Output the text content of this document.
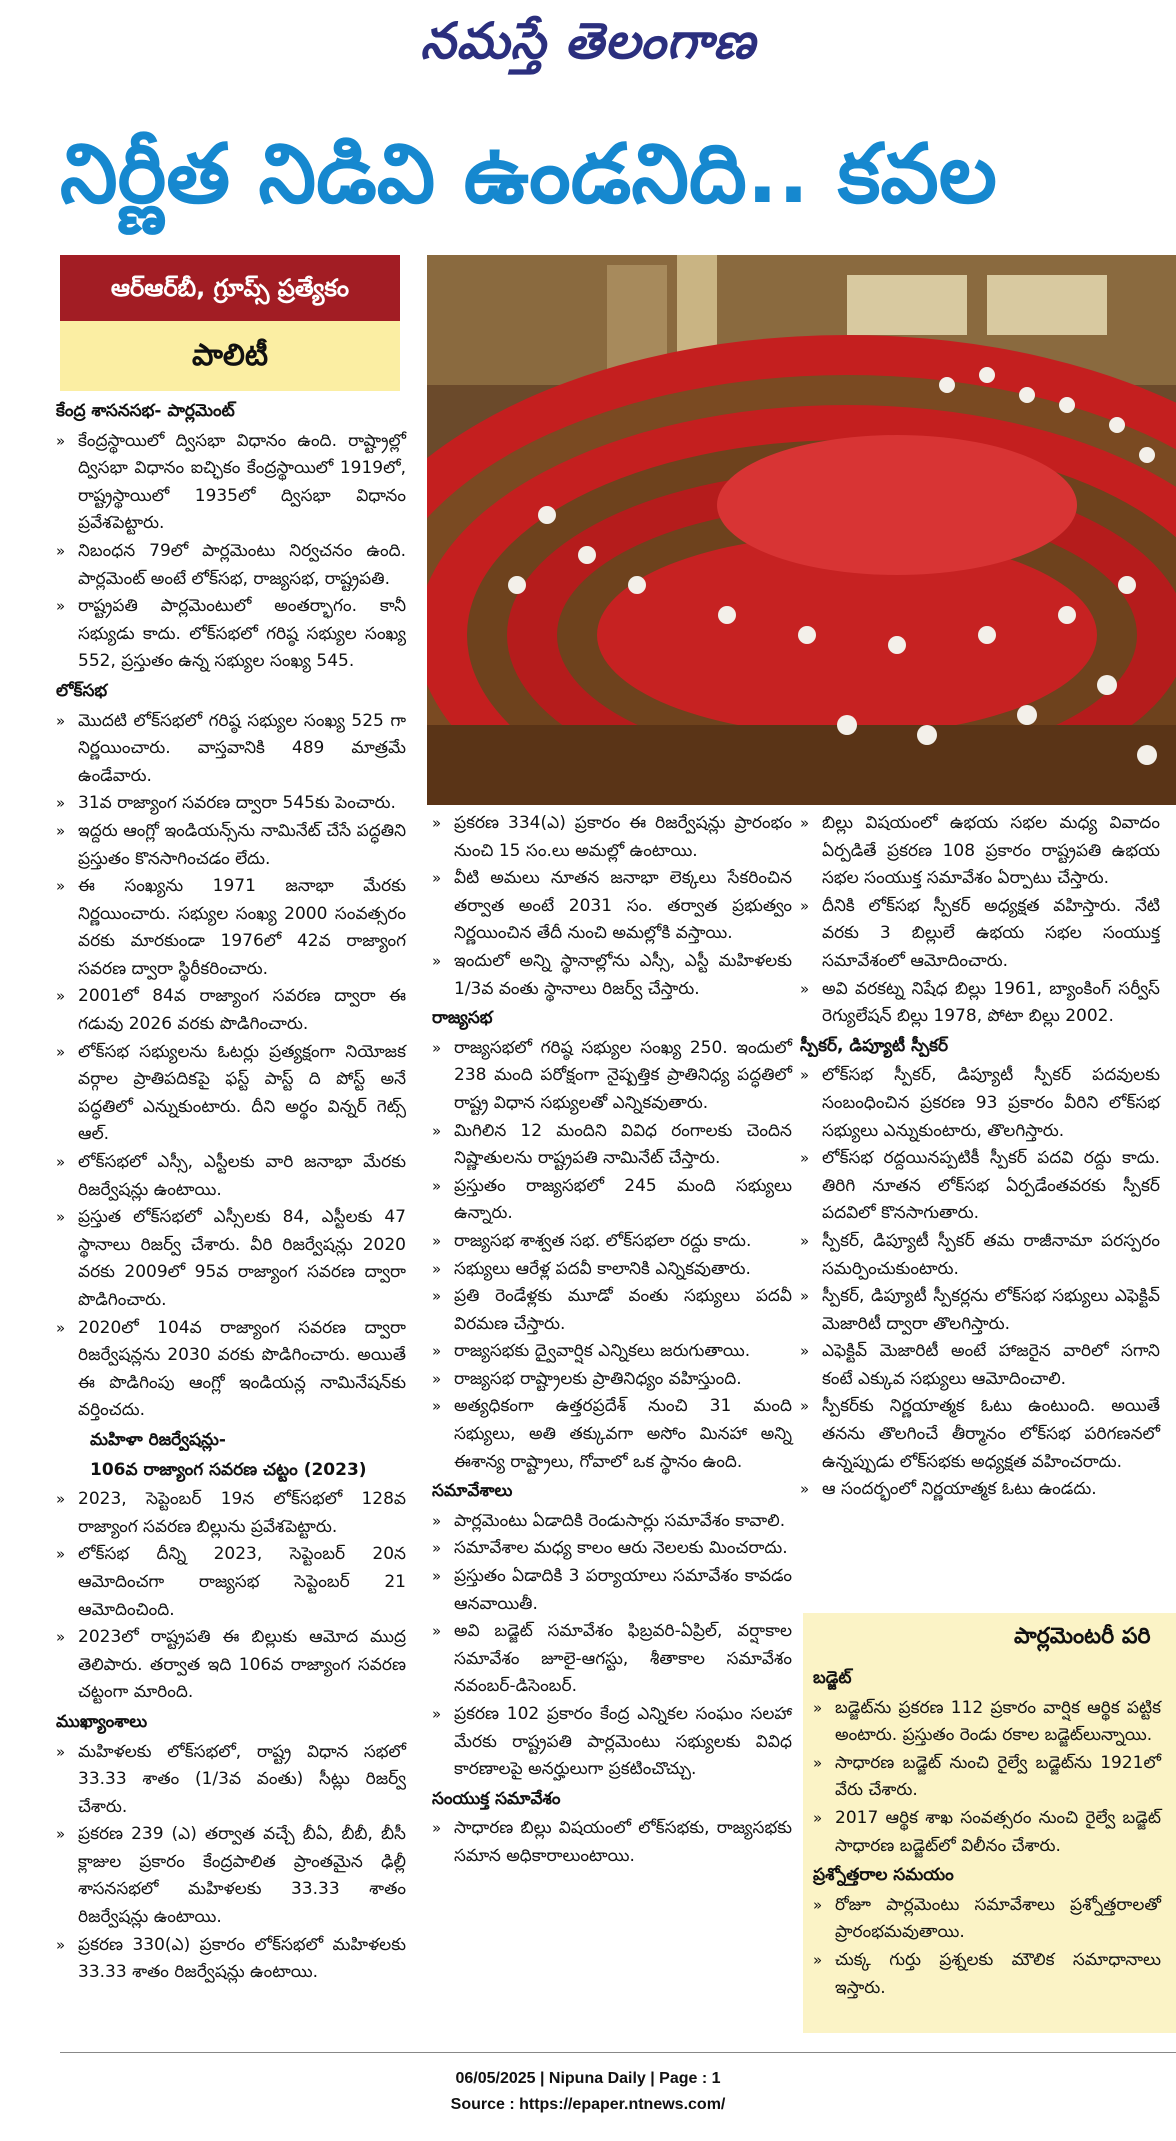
నమస్తే తెలంగాణ
నిర్ణీత నిడివి ఉండనిది.. కవల
ఆర్ఆర్‌బీ, గ్రూప్స్ ప్రత్యేకం
పాలిటీ
కేంద్ర శాసనసభ- పార్లమెంట్
» కేంద్రస్థాయిలో ద్విసభా విధానం ఉంది. రాష్ట్రాల్లో ద్విసభా విధానం ఐచ్ఛికం కేంద్రస్థాయిలో 1919లో, రాష్ట్రస్థాయిలో 1935లో ద్విసభా విధానం ప్రవేశపెట్టారు.
» నిబంధన 79లో పార్లమెంటు నిర్వచనం ఉంది. పార్లమెంట్ అంటే లోక్‌సభ, రాజ్యసభ, రాష్ట్రపతి.
» రాష్ట్రపతి పార్లమెంటులో అంతర్భాగం. కానీ సభ్యుడు కాదు. లోక్‌సభలో గరిష్ఠ సభ్యుల సంఖ్య 552, ప్రస్తుతం ఉన్న సభ్యుల సంఖ్య 545.
లోక్‌సభ
» మొదటి లోక్‌సభలో గరిష్ఠ సభ్యుల సంఖ్య 525 గా నిర్ణయించారు. వాస్తవానికి 489 మాత్రమే ఉండేవారు.
» 31వ రాజ్యాంగ సవరణ ద్వారా 545కు పెంచారు.
» ఇద్దరు ఆంగ్లో ఇండియన్స్‌ను నామినేట్ చేసే పద్ధతిని ప్రస్తుతం కొనసాగించడం లేదు.
» ఈ సంఖ్యను 1971 జనాభా మేరకు నిర్ణయించారు. సభ్యుల సంఖ్య 2000 సంవత్సరం వరకు మారకుండా 1976లో 42వ రాజ్యాంగ సవరణ ద్వారా స్థిరీకరించారు.
» 2001లో 84వ రాజ్యాంగ సవరణ ద్వారా ఈ గడువు 2026 వరకు పొడిగించారు.
» లోక్‌సభ సభ్యులను ఓటర్లు ప్రత్యక్షంగా నియోజక వర్గాల ప్రాతిపదికపై ఫస్ట్ పాస్ట్ ది పోస్ట్ అనే పద్ధతిలో ఎన్నుకుంటారు. దీని అర్థం విన్నర్ గెట్స్ ఆల్.
» లోక్‌సభలో ఎస్సీ, ఎస్టీలకు వారి జనాభా మేరకు రిజర్వేషన్లు ఉంటాయి.
» ప్రస్తుత లోక్‌సభలో ఎస్సీలకు 84, ఎస్టీలకు 47 స్థానాలు రిజర్వ్ చేశారు. వీరి రిజర్వేషన్లు 2020 వరకు 2009లో 95వ రాజ్యాంగ సవరణ ద్వారా పొడిగించారు.
» 2020లో 104వ రాజ్యాంగ సవరణ ద్వారా రిజర్వేషన్లను 2030 వరకు పొడిగించారు. అయితే ఈ పొడిగింపు ఆంగ్లో ఇండియన్ల నామినేషన్‌కు వర్తించదు.
మహిళా రిజర్వేషన్లు-
106వ రాజ్యాంగ సవరణ చట్టం (2023)
» 2023, సెప్టెంబర్ 19న లోక్‌సభలో 128వ రాజ్యాంగ సవరణ బిల్లును ప్రవేశపెట్టారు.
» లోక్‌సభ దీన్ని 2023, సెప్టెంబర్ 20న ఆమోదించగా రాజ్యసభ సెప్టెంబర్ 21 ఆమోదించింది.
» 2023లో రాష్ట్రపతి ఈ బిల్లుకు ఆమోద ముద్ర తెలిపారు. తర్వాత ఇది 106వ రాజ్యాంగ సవరణ చట్టంగా మారింది.
ముఖ్యాంశాలు
» మహిళలకు లోక్‌సభలో, రాష్ట్ర విధాన సభలో 33.33 శాతం (1/3వ వంతు) సీట్లు రిజర్వ్ చేశారు.
» ప్రకరణ 239 (ఎ) తర్వాత వచ్చే బీఏ, బీబీ, బీసీ క్లాజుల ప్రకారం కేంద్రపాలిత ప్రాంతమైన ఢిల్లీ శాసనసభలో మహిళలకు 33.33 శాతం రిజర్వేషన్లు ఉంటాయి.
» ప్రకరణ 330(ఎ) ప్రకారం లోక్‌సభలో మహిళలకు 33.33 శాతం రిజర్వేషన్లు ఉంటాయి.
» ప్రకరణ 334(ఎ) ప్రకారం ఈ రిజర్వేషన్లు ప్రారంభం నుంచి 15 సం.లు అమల్లో ఉంటాయి.
» వీటి అమలు నూతన జనాభా లెక్కలు సేకరించిన తర్వాత అంటే 2031 సం. తర్వాత ప్రభుత్వం నిర్ణయించిన తేదీ నుంచి అమల్లోకి వస్తాయి.
» ఇందులో అన్ని స్థానాల్లోను ఎస్సీ, ఎస్టీ మహిళలకు 1/3వ వంతు స్థానాలు రిజర్వ్ చేస్తారు.
రాజ్యసభ
» రాజ్యసభలో గరిష్ఠ సభ్యుల సంఖ్య 250. ఇందులో 238 మంది పరోక్షంగా నైష్పత్తిక ప్రాతినిధ్య పద్ధతిలో రాష్ట్ర విధాన సభ్యులతో ఎన్నికవుతారు.
» మిగిలిన 12 మందిని వివిధ రంగాలకు చెందిన నిష్ణాతులను రాష్ట్రపతి నామినేట్ చేస్తారు.
» ప్రస్తుతం రాజ్యసభలో 245 మంది సభ్యులు ఉన్నారు.
» రాజ్యసభ శాశ్వత సభ. లోక్‌సభలా రద్దు కాదు.
» సభ్యులు ఆరేళ్ల పదవీ కాలానికి ఎన్నికవుతారు.
» ప్రతి రెండేళ్లకు మూడో వంతు సభ్యులు పదవీ విరమణ చేస్తారు.
» రాజ్యసభకు ద్వైవార్షిక ఎన్నికలు జరుగుతాయి.
» రాజ్యసభ రాష్ట్రాలకు ప్రాతినిధ్యం వహిస్తుంది.
» అత్యధికంగా ఉత్తరప్రదేశ్ నుంచి 31 మంది సభ్యులు, అతి తక్కువగా అసోం మినహా అన్ని ఈశాన్య రాష్ట్రాలు, గోవాలో ఒక స్థానం ఉంది.
సమావేశాలు
» పార్లమెంటు ఏడాదికి రెండుసార్లు సమావేశం కావాలి.
» సమావేశాల మధ్య కాలం ఆరు నెలలకు మించరాదు.
» ప్రస్తుతం ఏడాదికి 3 పర్యాయాలు సమావేశం కావడం ఆనవాయితీ.
» అవి బడ్జెట్ సమావేశం ఫిబ్రవరి-ఏప్రిల్, వర్షాకాల సమావేశం జూలై-ఆగస్టు, శీతాకాల సమావేశం నవంబర్-డిసెంబర్.
» ప్రకరణ 102 ప్రకారం కేంద్ర ఎన్నికల సంఘం సలహా మేరకు రాష్ట్రపతి పార్లమెంటు సభ్యులకు వివిధ కారణాలపై అనర్హులుగా ప్రకటించొచ్చు.
సంయుక్త సమావేశం
» సాధారణ బిల్లు విషయంలో లోక్‌సభకు, రాజ్యసభకు సమాన అధికారాలుంటాయి.
» బిల్లు విషయంలో ఉభయ సభల మధ్య వివాదం ఏర్పడితే ప్రకరణ 108 ప్రకారం రాష్ట్రపతి ఉభయ సభల సంయుక్త సమావేశం ఏర్పాటు చేస్తారు.
» దీనికి లోక్‌సభ స్పీకర్ అధ్యక్షత వహిస్తారు. నేటి వరకు 3 బిల్లులే ఉభయ సభల సంయుక్త సమావేశంలో ఆమోదించారు.
» అవి వరకట్న నిషేధ బిల్లు 1961, బ్యాంకింగ్ సర్వీస్ రెగ్యులేషన్ బిల్లు 1978, పోటా బిల్లు 2002.
స్పీకర్, డిప్యూటీ స్పీకర్
» లోక్‌సభ స్పీకర్, డిప్యూటీ స్పీకర్ పదవులకు సంబంధించిన ప్రకరణ 93 ప్రకారం వీరిని లోక్‌సభ సభ్యులు ఎన్నుకుంటారు, తొలగిస్తారు.
» లోక్‌సభ రద్దయినప్పటికీ స్పీకర్ పదవి రద్దు కాదు. తిరిగి నూతన లోక్‌సభ ఏర్పడేంతవరకు స్పీకర్ పదవిలో కొనసాగుతారు.
» స్పీకర్, డిప్యూటీ స్పీకర్ తమ రాజీనామా పరస్పరం సమర్పించుకుంటారు.
» స్పీకర్, డిప్యూటీ స్పీకర్లను లోక్‌సభ సభ్యులు ఎఫెక్టివ్ మెజారిటీ ద్వారా తొలగిస్తారు.
» ఎఫెక్టివ్ మెజారిటీ అంటే హాజరైన వారిలో సగాని కంటే ఎక్కువ సభ్యులు ఆమోదించాలి.
» స్పీకర్‌కు నిర్ణయాత్మక ఓటు ఉంటుంది. అయితే తనను తొలగించే తీర్మానం లోక్‌సభ పరిగణనలో ఉన్నప్పుడు లోక్‌సభకు అధ్యక్షత వహించరాదు.
» ఆ సందర్భంలో నిర్ణయాత్మక ఓటు ఉండదు.
పార్లమెంటరీ పరి
బడ్జెట్
» బడ్జెట్‌ను ప్రకరణ 112 ప్రకారం వార్షిక ఆర్థిక పట్టిక అంటారు. ప్రస్తుతం రెండు రకాల బడ్జెట్‌లున్నాయి.
» సాధారణ బడ్జెట్ నుంచి రైల్వే బడ్జెట్‌ను 1921లో వేరు చేశారు.
» 2017 ఆర్థిక శాఖ సంవత్సరం నుంచి రైల్వే బడ్జెట్ సాధారణ బడ్జెట్‌లో విలీనం చేశారు.
ప్రశ్నోత్తరాల సమయం
» రోజూ పార్లమెంటు సమావేశాలు ప్రశ్నోత్తరాలతో ప్రారంభమవుతాయి.
» చుక్క గుర్తు ప్రశ్నలకు మౌలిక సమాధానాలు ఇస్తారు.
06/05/2025 | Nipuna Daily | Page : 1
Source : https://epaper.ntnews.com/
